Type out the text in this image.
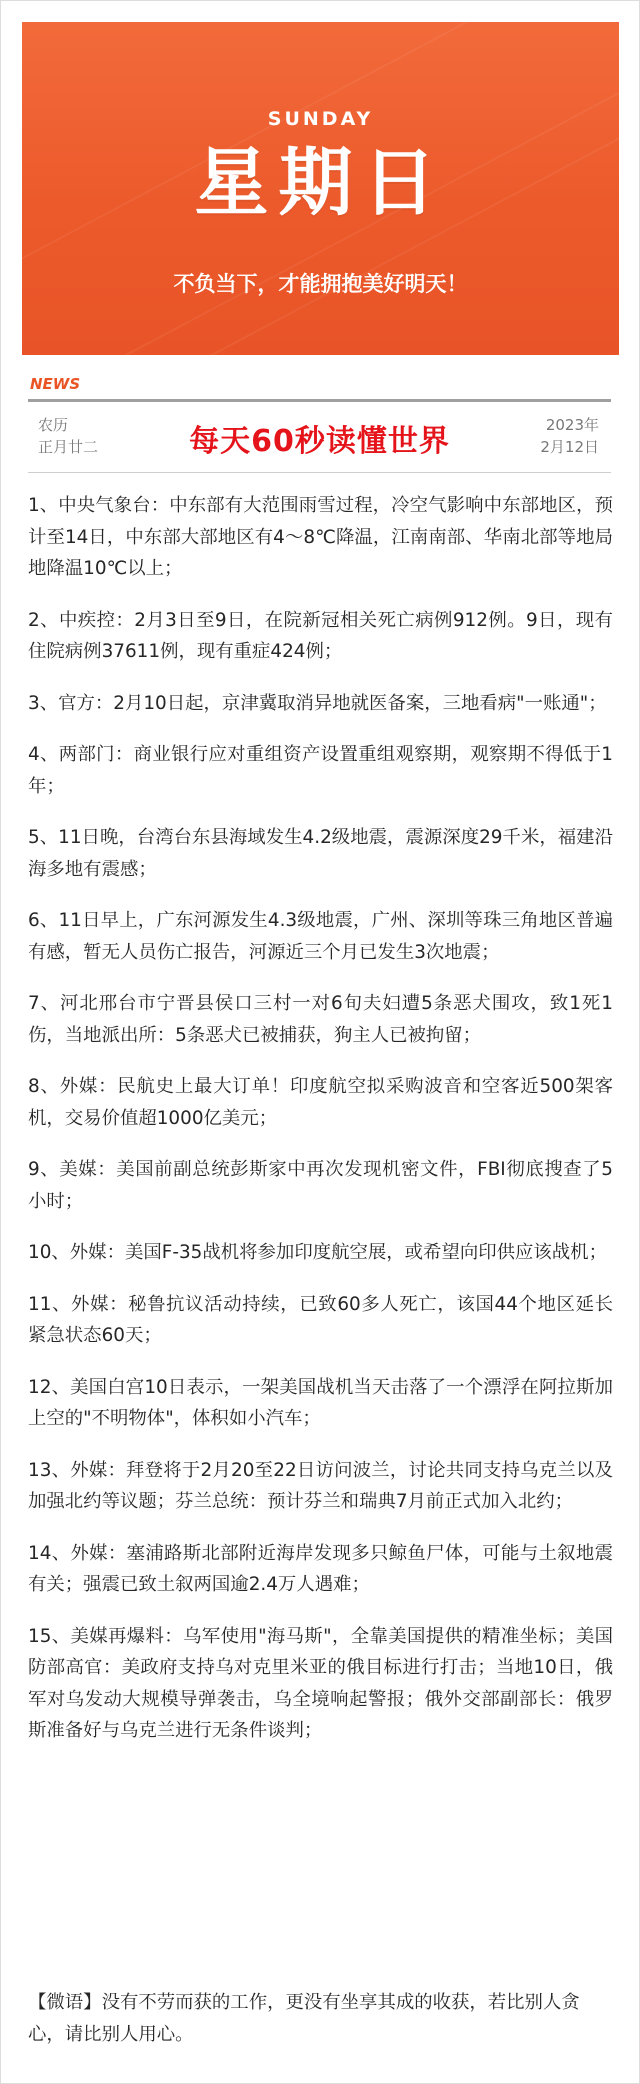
SUNDAY
星期日
不负当下，才能拥抱美好明天！
NEWS
农历
正月廿二	每天60秒读懂世界	2023年
2月12日

1、中央气象台：中东部有大范围雨雪过程，冷空气影响中东部地区，预计至14日，中东部大部地区有4～8℃降温，江南南部、华南北部等地局地降温10℃以上；

2、中疾控：2月3日至9日，在院新冠相关死亡病例912例。9日，现有住院病例37611例，现有重症424例；

3、官方：2月10日起，京津冀取消异地就医备案，三地看病"一账通"；

4、两部门：商业银行应对重组资产设置重组观察期，观察期不得低于1年；

5、11日晚，台湾台东县海域发生4.2级地震，震源深度29千米，福建沿海多地有震感；

6、11日早上，广东河源发生4.3级地震，广州、深圳等珠三角地区普遍有感，暂无人员伤亡报告，河源近三个月已发生3次地震；

7、河北邢台市宁晋县侯口三村一对6旬夫妇遭5条恶犬围攻，致1死1伤，当地派出所：5条恶犬已被捕获，狗主人已被拘留；

8、外媒：民航史上最大订单！印度航空拟采购波音和空客近500架客机，交易价值超1000亿美元；

9、美媒：美国前副总统彭斯家中再次发现机密文件，FBI彻底搜查了5小时；

10、外媒：美国F-35战机将参加印度航空展，或希望向印供应该战机；

11、外媒：秘鲁抗议活动持续，已致60多人死亡，该国44个地区延长紧急状态60天；

12、美国白宫10日表示，一架美国战机当天击落了一个漂浮在阿拉斯加上空的"不明物体"，体积如小汽车；

13、外媒：拜登将于2月20至22日访问波兰，讨论共同支持乌克兰以及加强北约等议题；芬兰总统：预计芬兰和瑞典7月前正式加入北约；

14、外媒：塞浦路斯北部附近海岸发现多只鲸鱼尸体，可能与土叙地震有关；强震已致土叙两国逾2.4万人遇难；

15、美媒再爆料：乌军使用"海马斯"，全靠美国提供的精准坐标；美国防部高官：美政府支持乌对克里米亚的俄目标进行打击；当地10日，俄军对乌发动大规模导弹袭击，乌全境响起警报；俄外交部副部长：俄罗斯准备好与乌克兰进行无条件谈判；

【微语】没有不劳而获的工作，更没有坐享其成的收获，若比别人贪心，请比别人用心。
